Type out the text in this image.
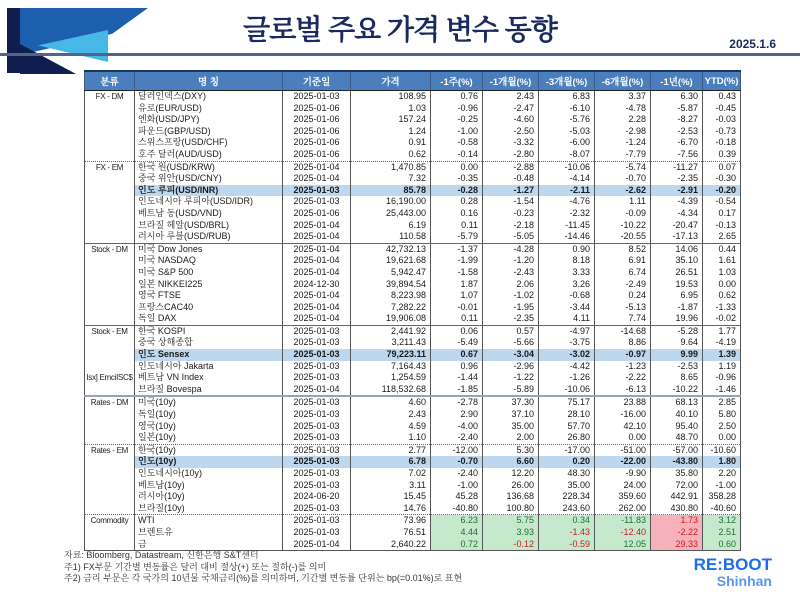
글로벌 주요 가격 변수 동향	2025.1.6
분류	명 칭	기준일	가격	-1주(%)	-1개월(%)	-3개월(%)	-6개월(%)	-1년(%)	YTD(%)
FX - DM	달러인덱스(DXY)	2025-01-03	108.95	0.76	2.43	6.83	3.37	6.30	0.43
	유로(EUR/USD)	2025-01-06	1.03	-0.96	-2.47	-6.10	-4.78	-5.87	-0.45
	엔화(USD/JPY)	2025-01-06	157.24	-0.25	-4.60	-5.76	2.28	-8.27	-0.03
	파운드(GBP/USD)	2025-01-06	1.24	-1.00	-2.50	-5.03	-2.98	-2.53	-0.73
	스위스프랑(USD/CHF)	2025-01-06	0.91	-0.58	-3.32	-6.00	-1.24	-6.70	-0.18
	호주 달러(AUD/USD)	2025-01-06	0.62	-0.14	-2.80	-8.07	-7.79	-7.56	0.39
FX - EM	한국 원(USD/KRW)	2025-01-04	1,470.85	0.00	-2.88	-10.06	-5.74	-11.27	0.07
	중국 위안(USD/CNY)	2025-01-04	7.32	-0.35	-0.48	-4.14	-0.70	-2.35	-0.30
	인도 루피(USD/INR)	2025-01-03	85.78	-0.28	-1.27	-2.11	-2.62	-2.91	-0.20
	인도네시아 루피아(USD/IDR)	2025-01-03	16,190.00	0.28	-1.54	-4.76	1.11	-4.39	-0.54
	베트남 동(USD/VND)	2025-01-06	25,443.00	0.16	-0.23	-2.32	-0.09	-4.34	0.17
	브라질 헤알(USD/BRL)	2025-01-04	6.19	0.11	-2.18	-11.45	-10.22	-20.47	-0.13
	러시아 루블(USD/RUB)	2025-01-04	110.58	-5.79	-5.05	-14.46	-20.55	-17.13	2.65
Stock - DM	미국 Dow Jones	2025-01-04	42,732.13	-1.37	-4.28	0.90	8.52	14.06	0.44
	미국 NASDAQ	2025-01-04	19,621.68	-1.99	-1.20	8.18	6.91	35.10	1.61
	미국 S&P 500	2025-01-04	5,942.47	-1.58	-2.43	3.33	6.74	26.51	1.03
	일본 NIKKEI225	2024-12-30	39,894.54	1.87	2.06	3.26	-2.49	19.53	0.00
	영국 FTSE	2025-01-04	8,223.98	1.07	-1.02	-0.68	0.24	6.95	0.62
	프랑스CAC40	2025-01-04	7,282.22	-0.01	-1.95	-3.44	-5.13	-1.87	-1.33
	독일 DAX	2025-01-04	19,906.08	0.11	-2.35	4.11	7.74	19.96	-0.02
Stock - EM	한국 KOSPI	2025-01-03	2,441.92	0.06	0.57	-4.97	-14.68	-5.28	1.77
	중국 상해종합	2025-01-03	3,211.43	-5.49	-5.66	-3.75	8.86	9.64	-4.19
	인도 Sensex	2025-01-03	79,223.11	0.67	-3.04	-3.02	-0.97	9.99	1.39
	인도네시아 Jakarta	2025-01-03	7,164.43	0.96	-2.96	-4.42	-1.23	-2.53	1.19
Isx] EmciISC$	베트남 VN Index	2025-01-03	1,254.59	-1.44	-1.22	-1.26	-2.22	8.65	-0.96
	브라질 Bovespa	2025-01-04	118,532.68	-1.85	-5.89	-10.06	-6.13	-10.22	-1.46
Rates - DM	미국(10y)	2025-01-03	4.60	-2.78	37.30	75.17	23.88	68.13	2.85
	독일(10y)	2025-01-03	2.43	2.90	37.10	28.10	-16.00	40.10	5.80
	영국(10y)	2025-01-03	4.59	-4.00	35.00	57.70	42.10	95.40	2.50
	일본(10y)	2025-01-03	1.10	-2.40	2.00	26.80	0.00	48.70	0.00
Rates - EM	한국(10y)	2025-01-03	2.77	-12.00	5.30	-17.00	-51.00	-57.00	-10.60
	인도(10y)	2025-01-03	6.78	-0.70	6.60	0.20	-22.00	-43.80	1.80
	인도네시아(10y)	2025-01-03	7.02	-2.40	12.20	48.30	-9.90	35.80	2.20
	베트남(10y)	2025-01-03	3.11	-1.00	26.00	35.00	24.00	72.00	-1.00
	러시아(10y)	2024-06-20	15.45	45.28	136.68	228.34	359.60	442.91	358.28
	브라질(10y)	2025-01-03	14.76	-40.80	100.80	243.60	262.00	430.80	-40.60
Commodity	WTI	2025-01-03	73.96	6.23	5.75	0.34	-11.83	1.73	3.12
	브렌트유	2025-01-03	76.51	4.44	3.93	-1.43	-12.40	-2.22	2.51
	금	2025-01-04	2,640.22	0.72	-0.12	-0.59	12.05	29.33	0.60
자료: Bloomberg, Datastream, 신한은행 S&T센터
주1) FX부문 기간별 변동률은 달러 대비 절상(+) 또는 절하(-)를 의미
주2) 금리 부문은 각 국가의 10년물 국채금리(%)를 의미하며, 기간별 변동률 단위는 bp(=0.01%)로 표현
RE:BOOT
Shinhan
